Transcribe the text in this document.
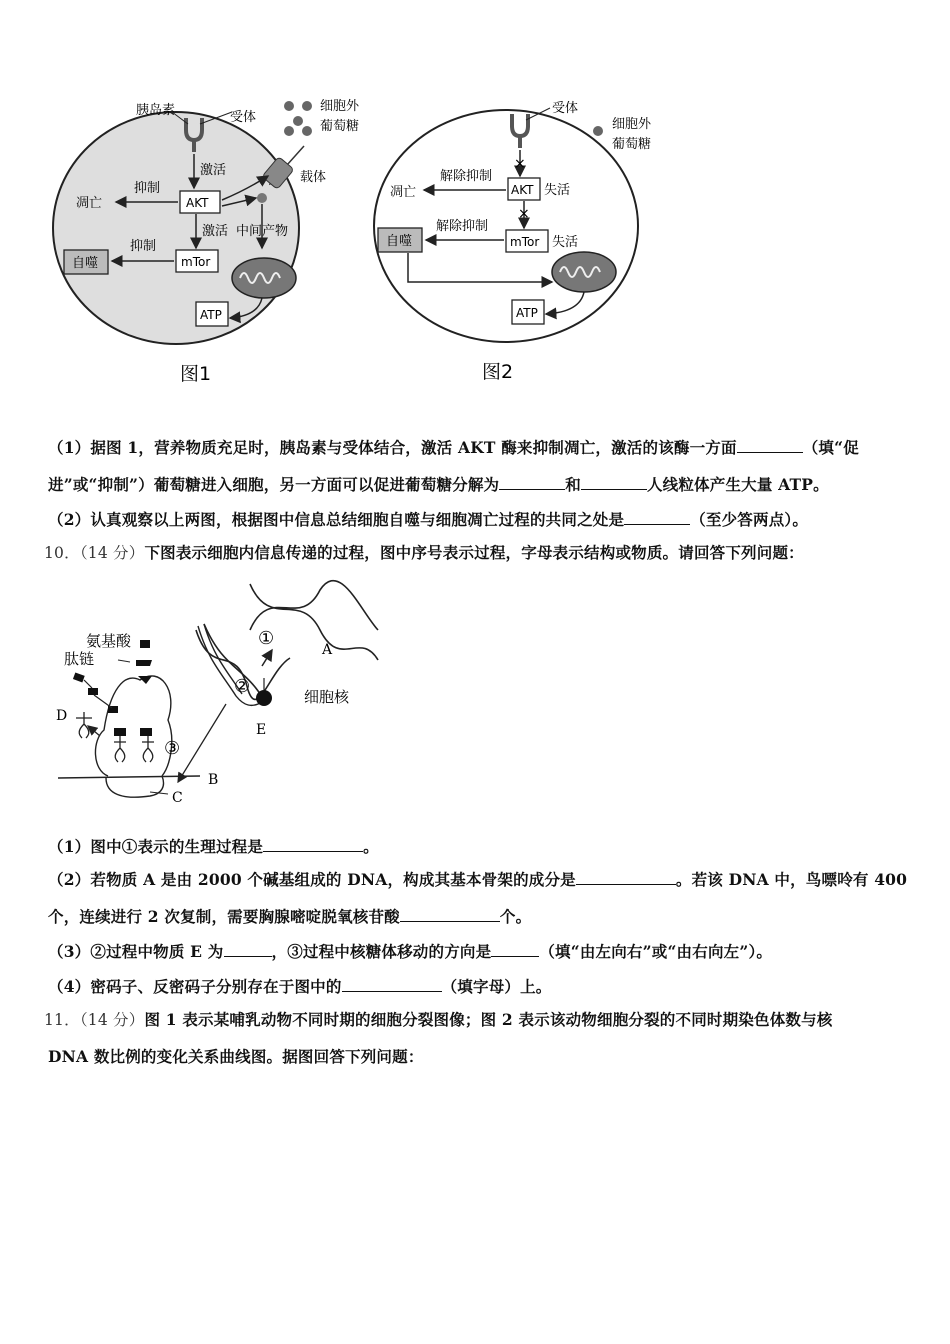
胰岛素	受体
细胞外
葡萄糖
载体
激活
AKT
抑制
凋亡
激活 中间产物
mTor
抑制
自噬
ATP
图1
受体
细胞外
葡萄糖
×
AKT 失活
解除抑制
凋亡
×
mTor 失活
解除抑制
自噬
ATP
图2
（1）据图 1，营养物质充足时，胰岛素与受体结合，激活 AKT 酶来抑制凋亡，激活的该酶一方面	（填“促
进”或“抑制”）葡萄糖进入细胞，另一方面可以促进葡萄糖分解为	和	人线粒体产生大量 ATP。
（2）认真观察以上两图，根据图中信息总结细胞自噬与细胞凋亡过程的共同之处是	（至少答两点）。
10．（14 分）下图表示细胞内信息传递的过程，图中序号表示过程，字母表示结构或物质。请回答下列问题：
①
②
A
E
细胞核
B
C
③
D
氨基酸
肽链
（1）图中①表示的生理过程是	。
（2）若物质 A 是由 2000 个碱基组成的 DNA，构成其基本骨架的成分是	。若该 DNA 中，鸟嘌呤有 400
个，连续进行 2 次复制，需要胸腺嘧啶脱氧核苷酸	个。
（3）②过程中物质 E 为	，③过程中核糖体移动的方向是	（填“由左向右”或“由右向左”）。
（4）密码子、反密码子分别存在于图中的	（填字母）上。
11．（14 分）图 1 表示某哺乳动物不同时期的细胞分裂图像；图 2 表示该动物细胞分裂的不同时期染色体数与核
DNA 数比例的变化关系曲线图。据图回答下列问题：
